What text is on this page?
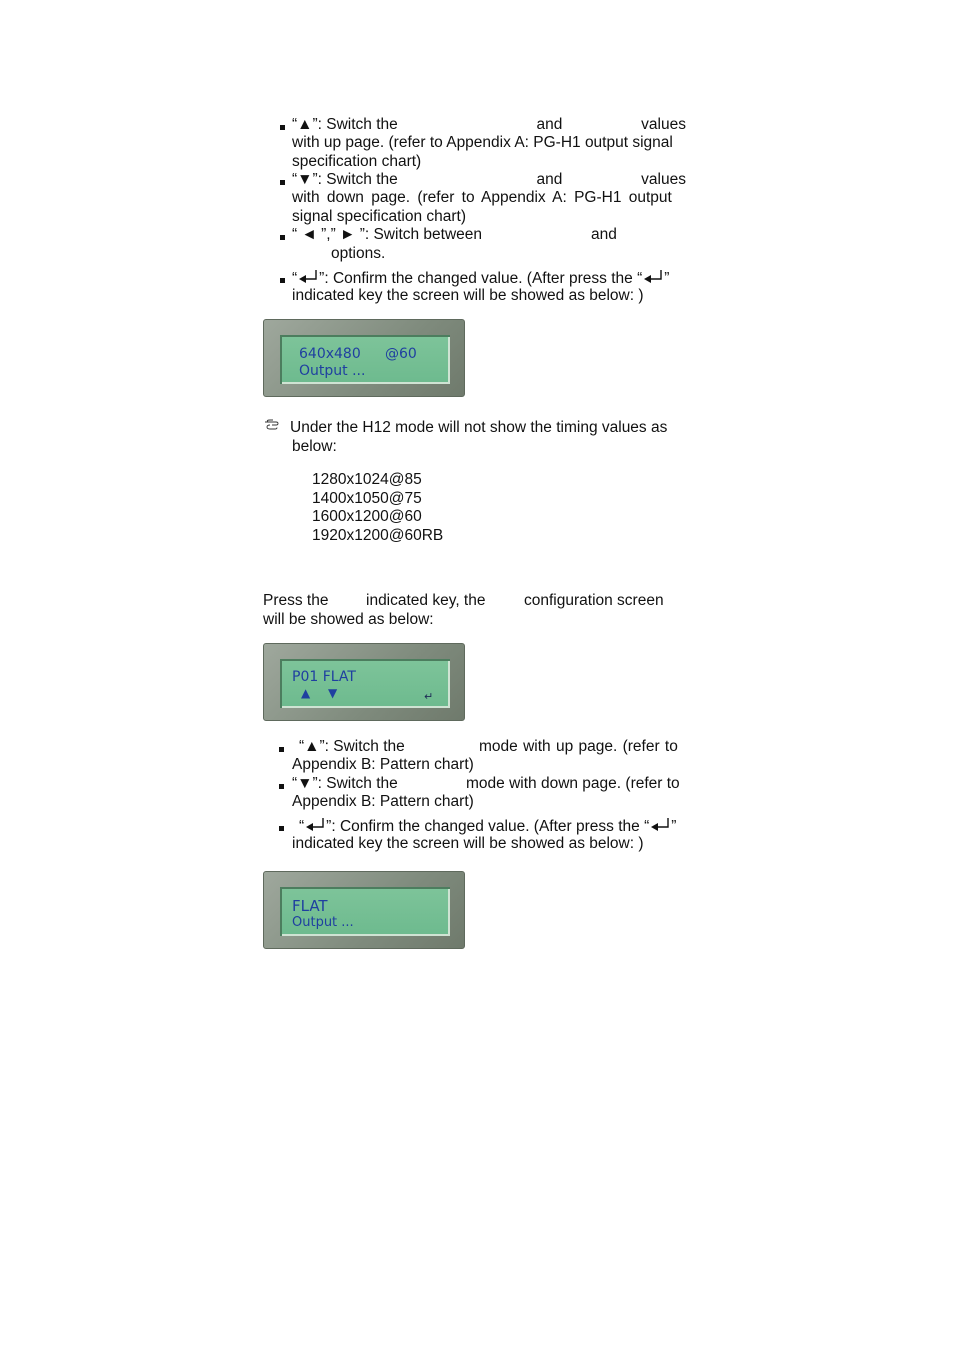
“▲”: Switch the	and	values
with up page. (refer to Appendix A: PG-H1 output signal
specification chart)
“▼”: Switch the	and	values
with down page. (refer to Appendix A: PG-H1 output
signal specification chart)
“ ◄ ”,” ► ”: Switch between	and
options.
“ ”: Confirm the changed value. (After press the “ ”
indicated key the screen will be showed as below: )
640x480 @60
Output ...
Under the H12 mode will not show the timing values as
below:
1280x1024@85
1400x1050@75
1600x1200@60
1920x1200@60RB
Press the indicated key, the configuration screen
will be showed as below:
P01 FLAT
▲ ▼	↵
“▲”: Switch the	mode with up page. (refer to
Appendix B: Pattern chart)
“▼”: Switch the	mode with down page. (refer to
Appendix B: Pattern chart)
“ ”: Confirm the changed value. (After press the “ ”
indicated key the screen will be showed as below: )
FLAT
Output ...
